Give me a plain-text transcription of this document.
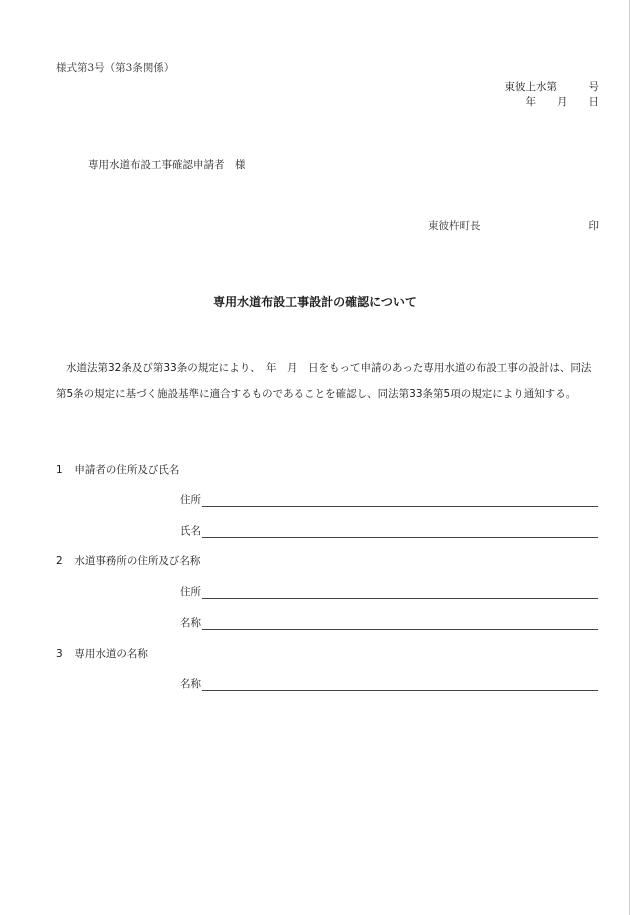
様式第3号（第3条関係）
東彼上水第　　　号
年　　月　　日
専用水道布設工事確認申請者　様
東彼杵町長	印
専用水道布設工事設計の確認について

水道法第32条及び第33条の規定により、　年　月　日をもって申請のあった専用水道の布設工事の設計は、同法

第5条の規定に基づく施設基準に適合するものであることを確認し、同法第33条第5項の規定により通知する。

1 申請者の住所及び氏名
住所
氏名
2 水道事務所の住所及び名称
住所
名称
3 専用水道の名称
名称
